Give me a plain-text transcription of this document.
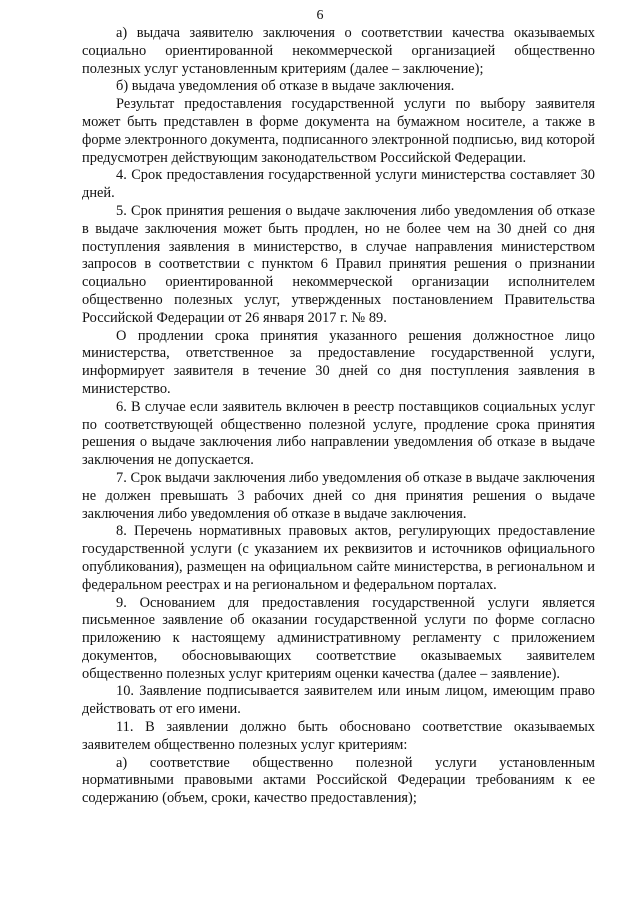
6

а) выдача заявителю заключения о соответствии качества оказываемых социально ориентированной некоммерческой организацией общественно полезных услуг установленным критериям (далее – заключение);

б) выдача уведомления об отказе в выдаче заключения.

Результат предоставления государственной услуги по выбору заявителя может быть представлен в форме документа на бумажном носителе, а также в форме электронного документа, подписанного электронной подписью, вид которой предусмотрен действующим законодательством Российской Федерации.

4. Срок предоставления государственной услуги министерства составляет 30 дней.

5. Срок принятия решения о выдаче заключения либо уведомления об отказе в выдаче заключения может быть продлен, но не более чем на 30 дней со дня поступления заявления в министерство, в случае направления министерством запросов в соответствии с пунктом 6 Правил принятия решения о признании социально ориентированной некоммерческой организации исполнителем общественно полезных услуг, утвержденных постановлением Правительства Российской Федерации от 26 января 2017 г. № 89.

О продлении срока принятия указанного решения должностное лицо министерства, ответственное за предоставление государственной услуги, информирует заявителя в течение 30 дней со дня поступления заявления в министерство.

6. В случае если заявитель включен в реестр поставщиков социальных услуг по соответствующей общественно полезной услуге, продление срока принятия решения о выдаче заключения либо направлении уведомления об отказе в выдаче заключения не допускается.

7. Срок выдачи заключения либо уведомления об отказе в выдаче заключения не должен превышать 3 рабочих дней со дня принятия решения о выдаче заключения либо уведомления об отказе в выдаче заключения.

8. Перечень нормативных правовых актов, регулирующих предоставление государственной услуги (с указанием их реквизитов и источников официального опубликования), размещен на официальном сайте министерства, в региональном и федеральном реестрах и на региональном и федеральном порталах.

9. Основанием для предоставления государственной услуги является письменное заявление об оказании государственной услуги по форме согласно приложению к настоящему административному регламенту с приложением документов, обосновывающих соответствие оказываемых заявителем общественно полезных услуг критериям оценки качества (далее – заявление).

10. Заявление подписывается заявителем или иным лицом, имеющим право действовать от его имени.

11. В заявлении должно быть обосновано соответствие оказываемых заявителем общественно полезных услуг критериям:

а) соответствие общественно полезной услуги установленным нормативными правовыми актами Российской Федерации требованиям к ее содержанию (объем, сроки, качество предоставления);
